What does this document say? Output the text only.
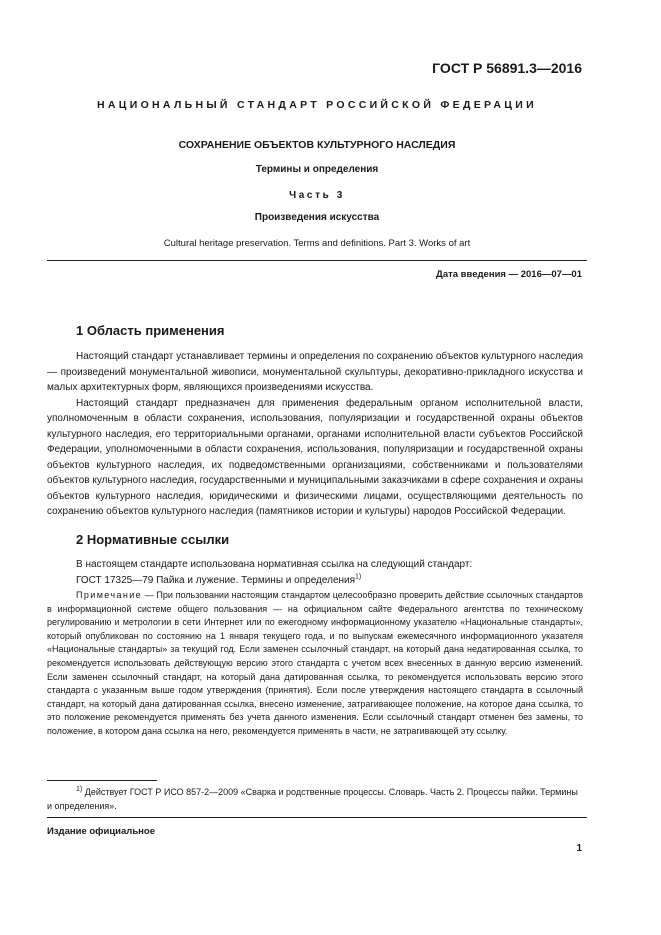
ГОСТ Р 56891.3—2016
НАЦИОНАЛЬНЫЙ СТАНДАРТ РОССИЙСКОЙ ФЕДЕРАЦИИ
СОХРАНЕНИЕ ОБЪЕКТОВ КУЛЬТУРНОГО НАСЛЕДИЯ
Термины и определения
Часть 3
Произведения искусства
Cultural heritage preservation. Terms and definitions. Part 3. Works of art
Дата введения — 2016—07—01
1 Область применения

Настоящий стандарт устанавливает термины и определения по сохранению объектов культурного наследия — произведений монументальной живописи, монументальной скульптуры, декоративно-прикладного искусства и малых архитектурных форм, являющихся произведениями искусства.

Настоящий стандарт предназначен для применения федеральным органом исполнительной власти, уполномоченным в области сохранения, использования, популяризации и государственной охраны объектов культурного наследия, его территориальными органами, органами исполнительной власти субъектов Российской Федерации, уполномоченными в области сохранения, использования, популяризации и государственной охраны объектов культурного наследия, их подведомственными организациями, собственниками и пользователями объектов культурного наследия, государственными и муниципальными заказчиками в сфере сохранения и охраны объектов культурного наследия, юридическими и физическими лицами, осуществляющими деятельность по сохранению объектов культурного наследия (памятников истории и культуры) народов Российской Федерации.

2 Нормативные ссылки

В настоящем стандарте использована нормативная ссылка на следующий стандарт:

ГОСТ 17325—79 Пайка и лужение. Термины и определения$^{1)}$

Примечание — При пользовании настоящим стандартом целесообразно проверить действие ссылочных стандартов в информационной системе общего пользования — на официальном сайте Федерального агентства по техническому регулированию и метрологии в сети Интернет или по ежегодному информационному указателю «Национальные стандарты», который опубликован по состоянию на 1 января текущего года, и по выпускам ежемесячного информационного указателя «Национальные стандарты» за текущий год. Если заменен ссылочный стандарт, на который дана недатированная ссылка, то рекомендуется использовать действующую версию этого стандарта с учетом всех внесенных в данную версию изменений. Если заменен ссылочный стандарт, на который дана датированная ссылка, то рекомендуется использовать версию этого стандарта с указанным выше годом утверждения (принятия). Если после утверждения настоящего стандарта в ссылочный стандарт, на который дана датированная ссылка, внесено изменение, затрагивающее положение, на которое дана ссылка, то это положение рекомендуется применять без учета данного изменения. Если ссылочный стандарт отменен без замены, то положение, в котором дана ссылка на него, рекомендуется применять в части, не затрагивающей эту ссылку.

$^{1)}$ Действует ГОСТ Р ИСО 857-2—2009 «Сварка и родственные процессы. Словарь. Часть 2. Процессы пайки. Термины и определения».

Издание официальное
1
